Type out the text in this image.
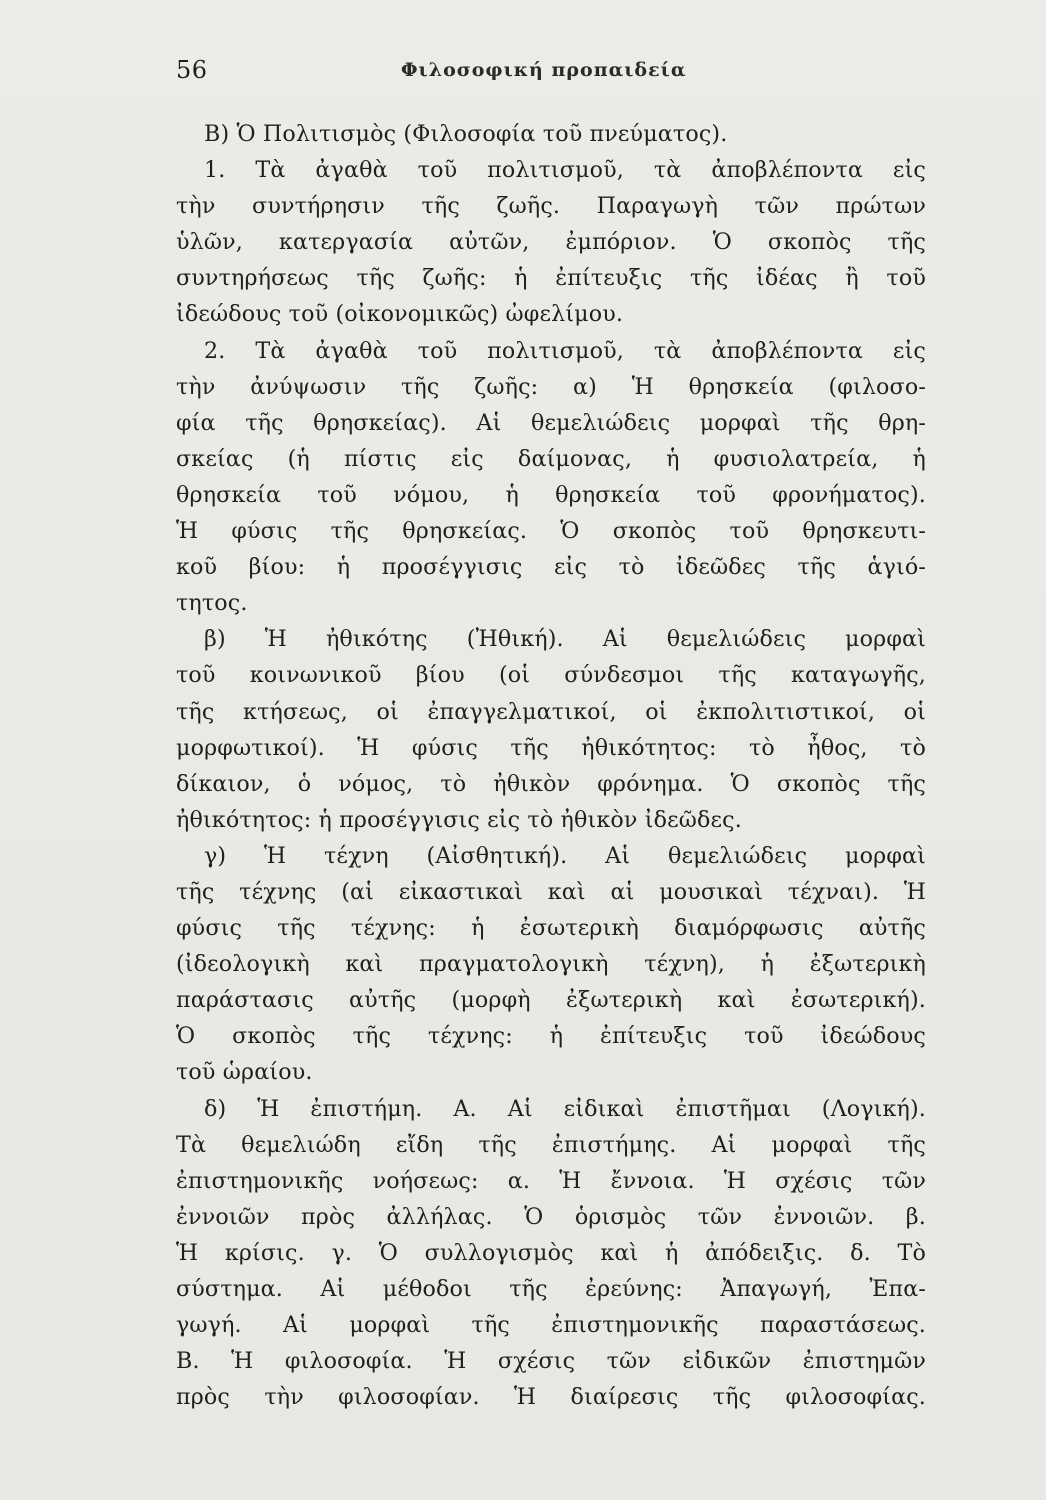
56	Φιλοσοφική προπαιδεία
Β) Ὁ Πολιτισμὸς (Φιλοσοφία τοῦ πνεύματος).
1. Τὰ ἀγαθὰ τοῦ πολιτισμοῦ, τὰ ἀποβλέποντα εἰς
τὴν συντήρησιν τῆς ζωῆς. Παραγωγὴ τῶν πρώτων
ὑλῶν, κατεργασία αὐτῶν, ἐμπόριον. Ὁ σκοπὸς τῆς
συντηρήσεως τῆς ζωῆς: ἡ ἐπίτευξις τῆς ἰδέας ἢ τοῦ
ἰδεώδους τοῦ (οἰκονομικῶς) ὠφελίμου.
2. Τὰ ἀγαθὰ τοῦ πολιτισμοῦ, τὰ ἀποβλέποντα εἰς
τὴν ἀνύψωσιν τῆς ζωῆς: α) Ἡ θρησκεία (φιλοσο-
φία τῆς θρησκείας). Αἱ θεμελιώδεις μορφαὶ τῆς θρη-
σκείας (ἡ πίστις εἰς δαίμονας, ἡ φυσιολατρεία, ἡ
θρησκεία τοῦ νόμου, ἡ θρησκεία τοῦ φρονήματος).
Ἡ φύσις τῆς θρησκείας. Ὁ σκοπὸς τοῦ θρησκευτι-
κοῦ βίου: ἡ προσέγγισις εἰς τὸ ἰδεῶδες τῆς ἁγιό-
τητος.
β) Ἡ ἠθικότης (Ἠθική). Αἱ θεμελιώδεις μορφαὶ
τοῦ κοινωνικοῦ βίου (οἱ σύνδεσμοι τῆς καταγωγῆς,
τῆς κτήσεως, οἱ ἐπαγγελματικοί, οἱ ἐκπολιτιστικοί, οἱ
μορφωτικοί). Ἡ φύσις τῆς ἠθικότητος: τὸ ἦθος, τὸ
δίκαιον, ὁ νόμος, τὸ ἠθικὸν φρόνημα. Ὁ σκοπὸς τῆς
ἠθικότητος: ἡ προσέγγισις εἰς τὸ ἠθικὸν ἰδεῶδες.
γ) Ἡ τέχνη (Αἰσθητική). Αἱ θεμελιώδεις μορφαὶ
τῆς τέχνης (αἱ εἰκαστικαὶ καὶ αἱ μουσικαὶ τέχναι). Ἡ
φύσις τῆς τέχνης: ἡ ἐσωτερικὴ διαμόρφωσις αὐτῆς
(ἰδεολογικὴ καὶ πραγματολογικὴ τέχνη), ἡ ἐξωτερικὴ
παράστασις αὐτῆς (μορφὴ ἐξωτερικὴ καὶ ἐσωτερική).
Ὁ σκοπὸς τῆς τέχνης: ἡ ἐπίτευξις τοῦ ἰδεώδους
τοῦ ὡραίου.
δ) Ἡ ἐπιστήμη. Α. Αἱ εἰδικαὶ ἐπιστῆμαι (Λογική).
Τὰ θεμελιώδη εἴδη τῆς ἐπιστήμης. Αἱ μορφαὶ τῆς
ἐπιστημονικῆς νοήσεως: α. Ἡ ἔννοια. Ἡ σχέσις τῶν
ἐννοιῶν πρὸς ἀλλήλας. Ὁ ὁρισμὸς τῶν ἐννοιῶν. β.
Ἡ κρίσις. γ. Ὁ συλλογισμὸς καὶ ἡ ἀπόδειξις. δ. Τὸ
σύστημα. Αἱ μέθοδοι τῆς ἐρεύνης: Ἀπαγωγή, Ἐπα-
γωγή. Αἱ μορφαὶ τῆς ἐπιστημονικῆς παραστάσεως.
Β. Ἡ φιλοσοφία. Ἡ σχέσις τῶν εἰδικῶν ἐπιστημῶν
πρὸς τὴν φιλοσοφίαν. Ἡ διαίρεσις τῆς φιλοσοφίας.
